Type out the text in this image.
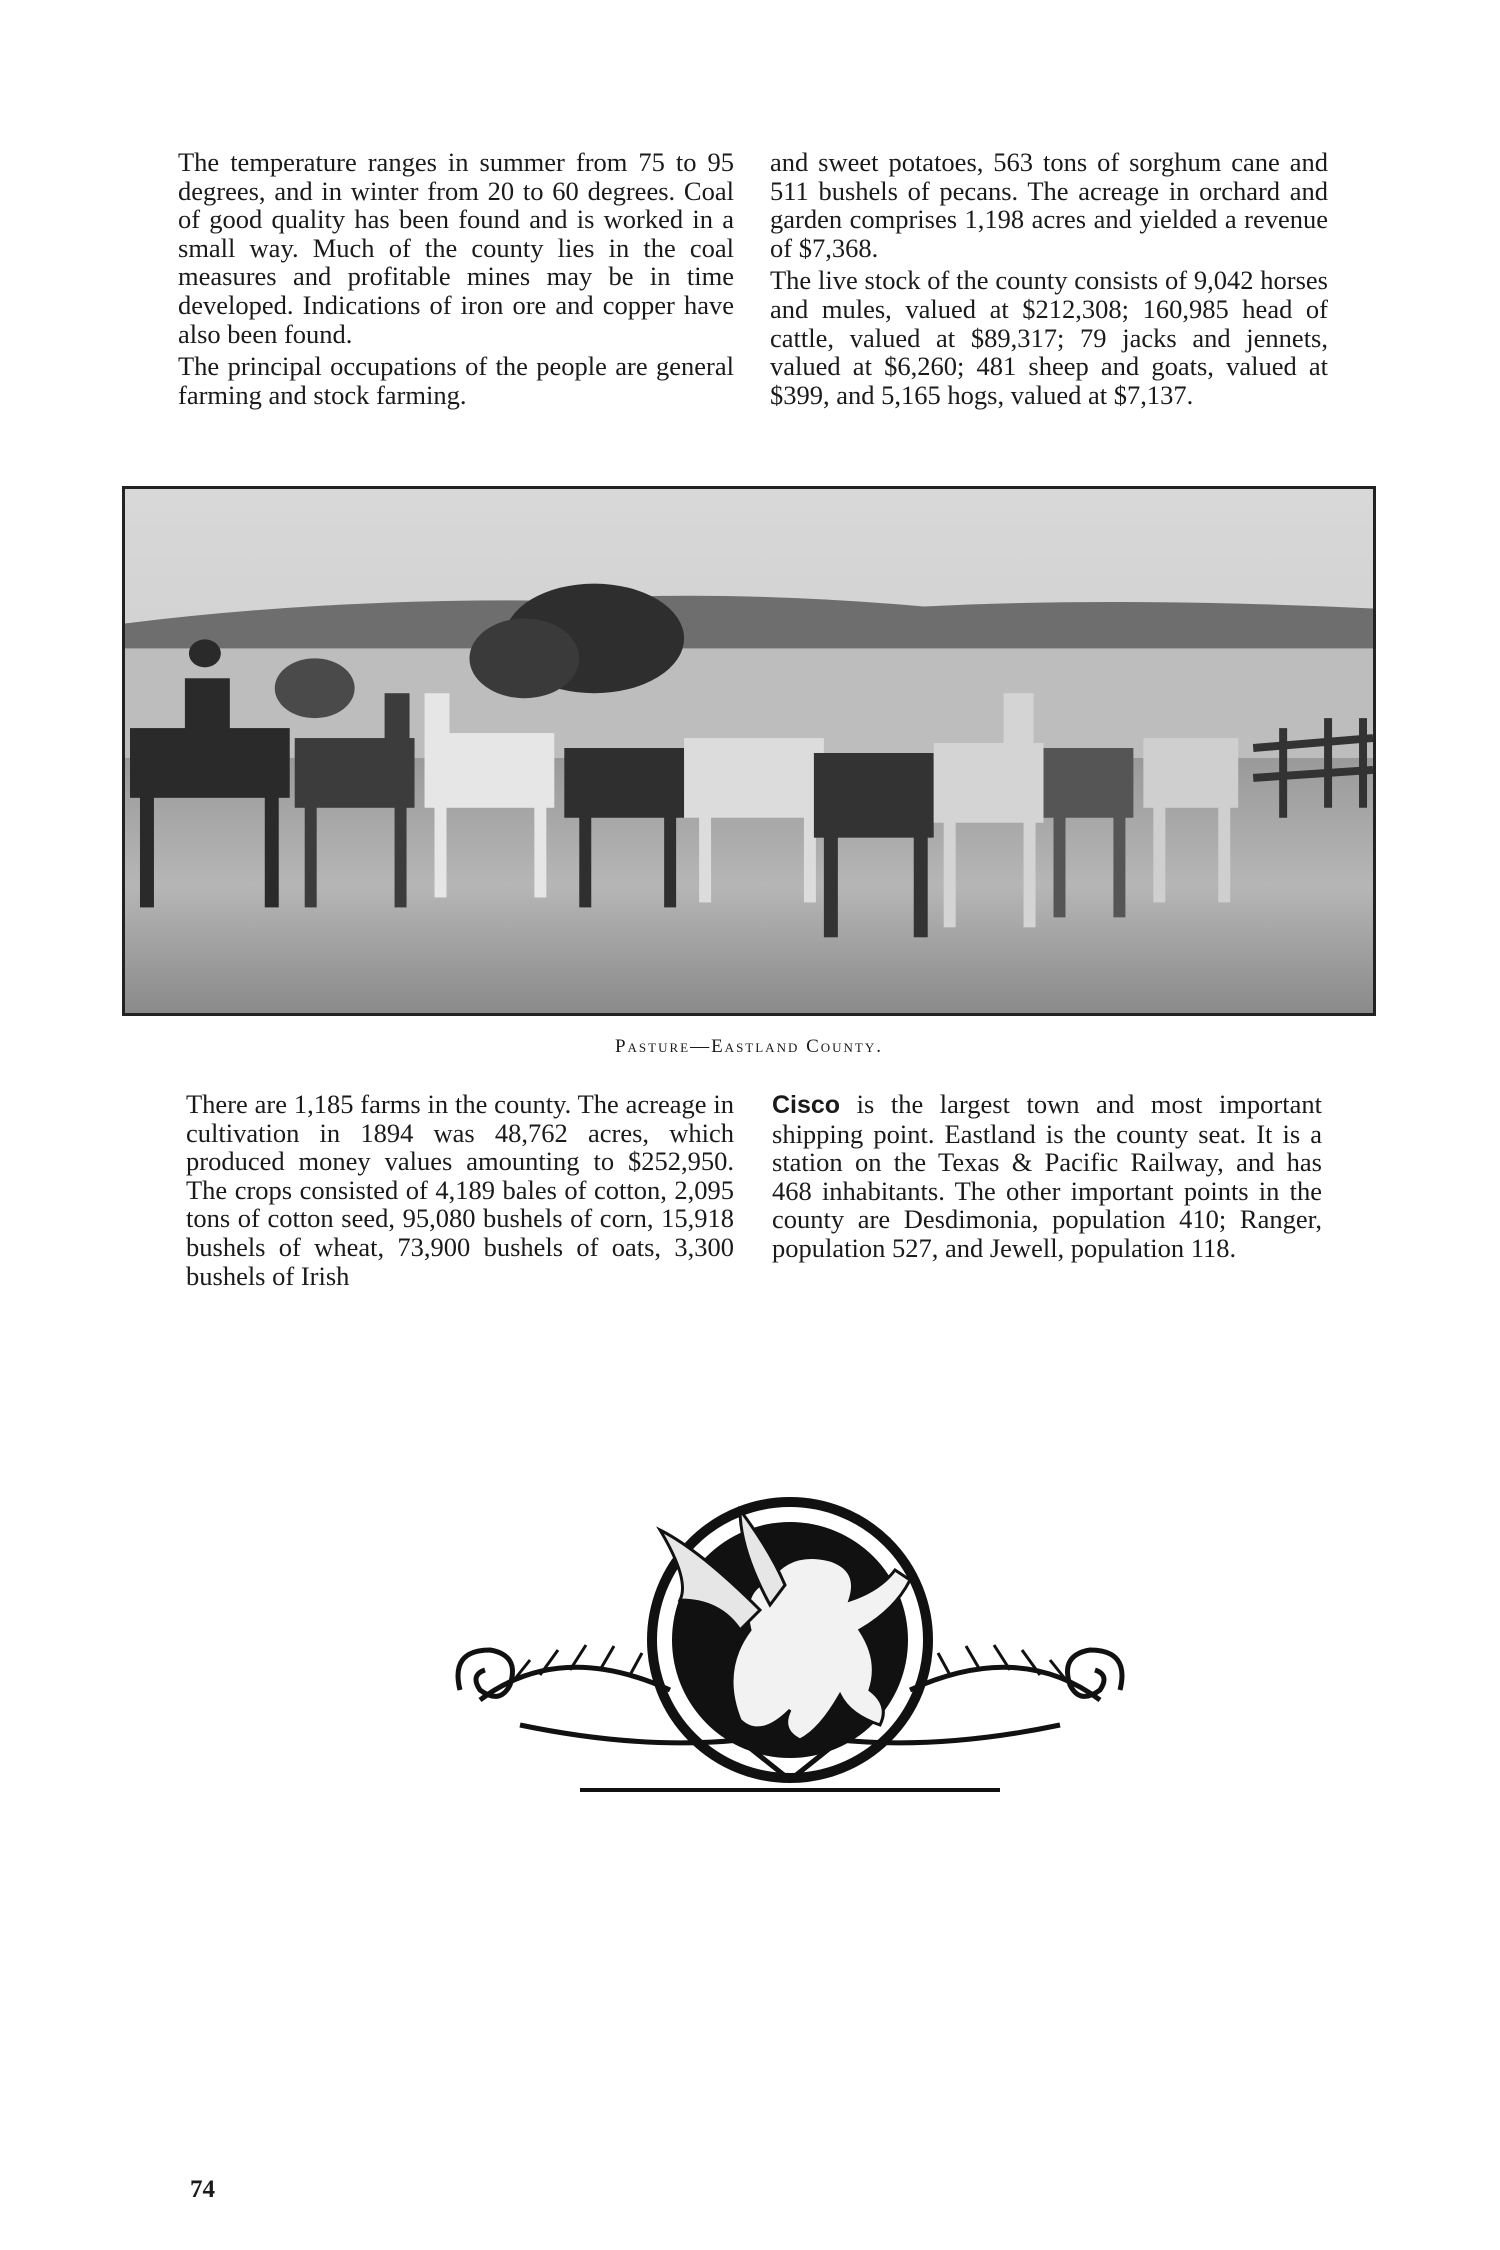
The temperature ranges in summer from 75 to 95 degrees, and in winter from 20 to 60 degrees. Coal of good quality has been found and is worked in a small way. Much of the county lies in the coal measures and profitable mines may be in time developed. Indications of iron ore and copper have also been found.

The principal occupations of the people are general farming and stock farming.

and sweet potatoes, 563 tons of sorghum cane and 511 bushels of pecans. The acreage in orchard and garden comprises 1,198 acres and yielded a revenue of $7,368.

The live stock of the county consists of 9,042 horses and mules, valued at $212,308; 160,985 head of cattle, valued at $89,317; 79 jacks and jennets, valued at $6,260; 481 sheep and goats, valued at $399, and 5,165 hogs, valued at $7,137.

Pasture—Eastland County.

There are 1,185 farms in the county. The acreage in cultivation in 1894 was 48,762 acres, which produced money values amounting to $252,950. The crops consisted of 4,189 bales of cotton, 2,095 tons of cotton seed, 95,080 bushels of corn, 15,918 bushels of wheat, 73,900 bushels of oats, 3,300 bushels of Irish

Cisco is the largest town and most important shipping point. Eastland is the county seat. It is a station on the Texas & Pacific Railway, and has 468 inhabitants. The other important points in the county are Desdimonia, population 410; Ranger, population 527, and Jewell, population 118.

74
